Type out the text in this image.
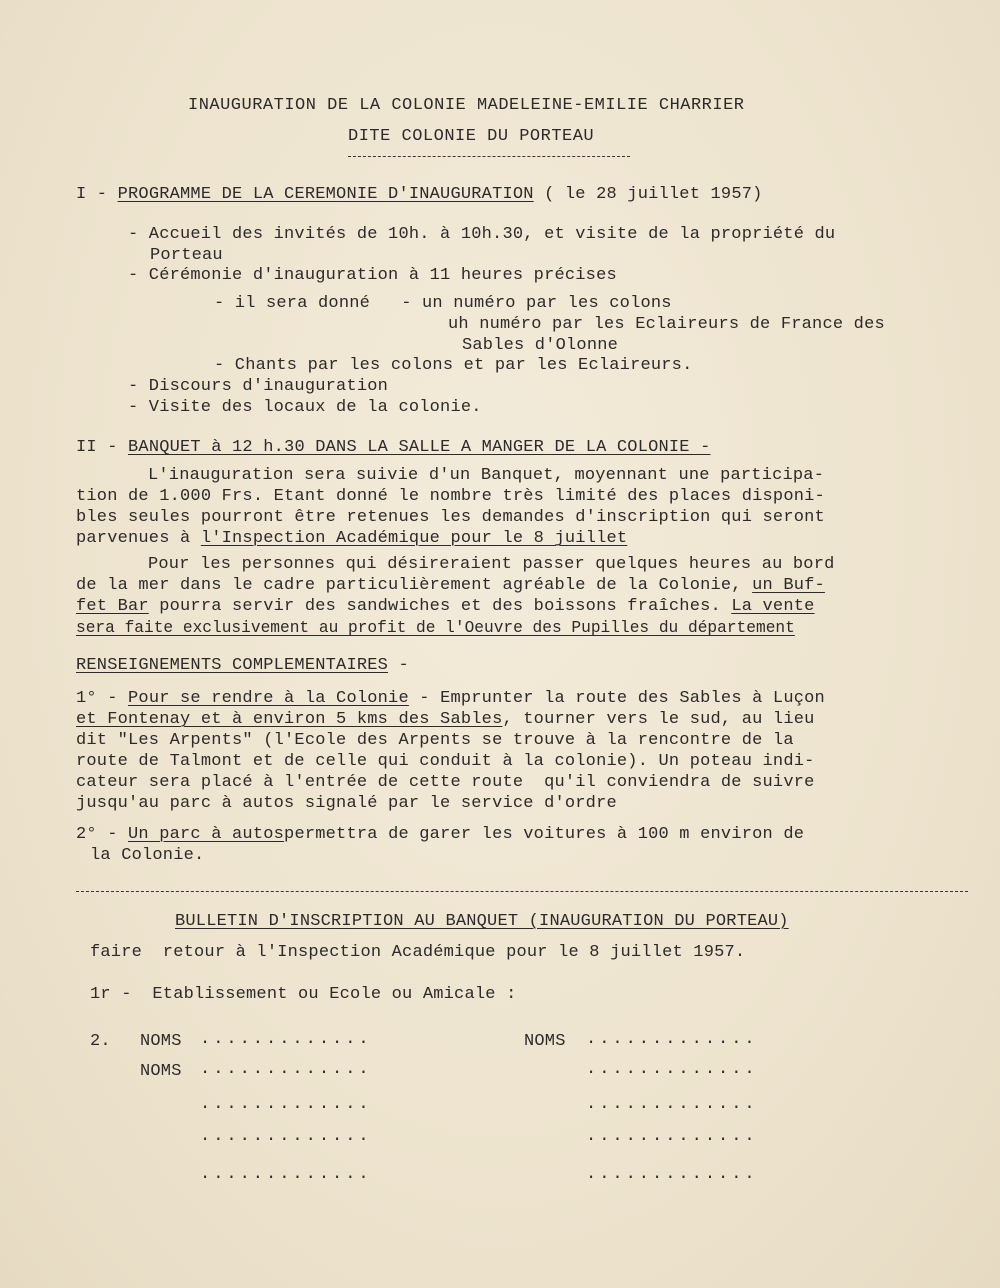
INAUGURATION DE LA COLONIE MADELEINE-EMILIE CHARRIER
DITE COLONIE DU PORTEAU
I - PROGRAMME DE LA CEREMONIE D'INAUGURATION ( le 28 juillet 1957)
- Accueil des invités de 10h. à 10h.30, et visite de la propriété du
Porteau
- Cérémonie d'inauguration à 11 heures précises
- il sera donné   - un numéro par les colons
uh numéro par les Eclaireurs de France des
Sables d'Olonne
- Chants par les colons et par les Eclaireurs.
- Discours d'inauguration
- Visite des locaux de la colonie.
II - BANQUET à 12 h.30 DANS LA SALLE A MANGER DE LA COLONIE -
L'inauguration sera suivie d'un Banquet, moyennant une participa-
tion de 1.000 Frs. Etant donné le nombre très limité des places disponi-
bles seules pourront être retenues les demandes d'inscription qui seront
parvenues à l'Inspection Académique pour le 8 juillet
Pour les personnes qui désireraient passer quelques heures au bord
de la mer dans le cadre particulièrement agréable de la Colonie, un Buf-
fet Bar pourra servir des sandwiches et des boissons fraîches. La vente
sera faite exclusivement au profit de l'Oeuvre des Pupilles du département
RENSEIGNEMENTS COMPLEMENTAIRES -
1° - Pour se rendre à la Colonie - Emprunter la route des Sables à Luçon
et Fontenay et à environ 5 kms des Sables, tourner vers le sud, au lieu
dit "Les Arpents" (l'Ecole des Arpents se trouve à la rencontre de la
route de Talmont et de celle qui conduit à la colonie). Un poteau indi-
cateur sera placé à l'entrée de cette route  qu'il conviendra de suivre
jusqu'au parc à autos signalé par le service d'ordre
2° - Un parc à autospermettra de garer les voitures à 100 m environ de
la Colonie.
BULLETIN D'INSCRIPTION AU BANQUET (INAUGURATION DU PORTEAU)
faire  retour à l'Inspection Académique pour le 8 juillet 1957.
1r -  Etablissement ou Ecole ou Amicale :
2. NOMS .............	NOMS .............
NOMS .............	.............
.............	.............
.............	.............
.............	.............
